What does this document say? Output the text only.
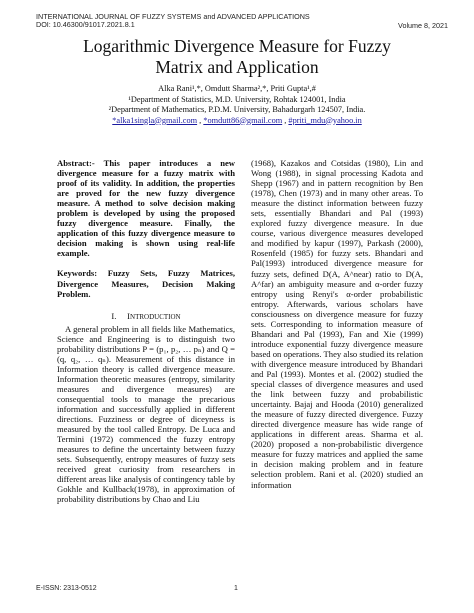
INTERNATIONAL JOURNAL OF FUZZY SYSTEMS and ADVANCED APPLICATIONS
DOI: 10.46300/91017.2021.8.1	Volume 8, 2021
Logarithmic Divergence Measure for Fuzzy
Matrix and Application
Alka Rani¹,*, Omdutt Sharma²,*, Priti Gupta¹,#
¹Department of Statistics, M.D. University, Rohtak 124001, India
²Department of Mathematics, P.D.M. University, Bahadurgarh 124507, India.
*alka1singla@gmail.com , *omdutt86@gmail.com , #priti_mdu@yahoo.in

Abstract:- This paper introduces a new divergence measure for a fuzzy matrix with proof of its validity. In addition, the properties are proved for the new fuzzy divergence measure. A method to solve decision making problem is developed by using the proposed fuzzy divergence measure. Finally, the application of this fuzzy divergence measure to decision making is shown using real-life example.

Keywords: Fuzzy Sets, Fuzzy Matrices, Divergence Measures, Decision Making Problem.

I. INTRODUCTION

A general problem in all fields like Mathematics, Science and Engineering is to distinguish two probability distributions P = (p₁, p₂, … pₙ) and Q = (q, q₂, … qₙ). Measurement of this distance in Information theory is called divergence measure. Information theoretic measures (entropy, similarity measures and divergence measures) are consequential tools to manage the precarious information and successfully applied in different directions. Fuzziness or degree of diceyness is measured by the tool called Entropy. De Luca and Termini (1972) commenced the fuzzy entropy measures to define the uncertainty between fuzzy sets. Subsequently, entropy measures of fuzzy sets received great curiosity from researchers in different areas like analysis of contingency table by Gokhle and Kullback(1978), in approximation of probability distributions by Chao and Liu

(1968), Kazakos and Cotsidas (1980), Lin and Wong (1988), in signal processing Kadota and Shepp (1967) and in pattern recognition by Ben (1978), Chen (1973) and in many other areas. To measure the distinct information between fuzzy sets, essentially Bhandari and Pal (1993) explored fuzzy divergence measure. In due course, various divergence measures developed and modified by kapur (1997), Parkash (2000), Rosenfeld (1985) for fuzzy sets. Bhandari and Pal(1993) introduced divergence measure for fuzzy sets, defined D(A, A^near) ratio to D(A, A^far) an ambiguity measure and α-order fuzzy entropy using Renyi's α-order probabilistic entropy. Afterwards, various scholars have consciousness on divergence measure for fuzzy sets. Corresponding to information measure of Bhandari and Pal (1993), Fan and Xie (1999) introduce exponential fuzzy divergence measure based on operations. They also studied its relation with divergence measure introduced by Bhandari and Pal (1993). Montes et al. (2002) studied the special classes of divergence measures and used the link between fuzzy and probabilistic uncertainty. Bajaj and Hooda (2010) generalized the measure of fuzzy directed divergence. Fuzzy directed divergence measure has wide range of applications in different areas. Sharma et al. (2020) proposed a non-probabilistic divergence measure for fuzzy matrices and applied the same in decision making problem and in feature selection problem. Rani et al. (2020) studied an information

E-ISSN: 2313-0512	1
